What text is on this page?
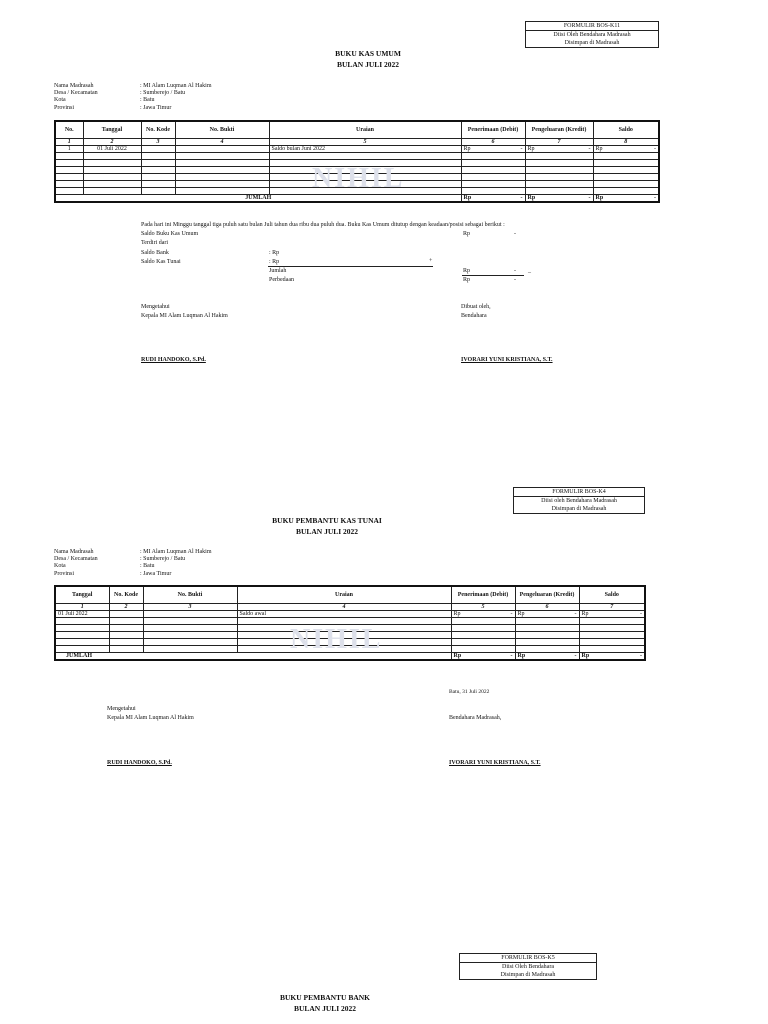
FORMULIR BOS-K11
Diisi Oleh Bendahara Madrasah
Disimpan di Madrasah
BUKU KAS UMUM
BULAN JULI 2022
Nama Madrasah	: MI Alam Luqman Al Hakim
Desa / Kecamatan	: Sumberejo / Batu
Kota	: Batu
Provinsi	: Jawa Timur
No.	Tanggal	No. Kode	No. Bukti	Uraian	Penerimaan (Debit)	Pengeluaran (Kredit)	Saldo
1	2	3	4	5	6	7	8
1	01 Juli 2022			Saldo bulan Juni 2022	Rp -	Rp -	Rp -

JUMLAH					Rp -	Rp -	Rp -
NIHIL
Pada hari ini Minggu tanggal tiga puluh satu bulan Juli tahun dua ribu dua puluh dua. Buku Kas Umum ditutup dengan keadaan/posisi sebagai berikut :
Saldo Buku Kas Umum	Rp	-
Terdiri dari
Saldo Bank	: Rp
Saldo Kas Tunai	: Rp	+
Jumlah	Rp	- _
Perbedaan	Rp	-
Mengetahui
Kepala MI Alam Luqman Al Hakim
Dibuat oleh,
Bendahara
RUDI HANDOKO, S.Pd.	IVORARI YUNI KRISTIANA, S.T.
FORMULIR BOS-K4
Diisi oleh Bendahara Madrasah
Disimpan di Madrasah
BUKU PEMBANTU KAS TUNAI
BULAN JULI 2022
Nama Madrasah	: MI Alam Luqman Al Hakim
Desa / Kecamatan	: Sumberejo / Batu
Kota	: Batu
Provinsi	: Jawa Timur
Tanggal	No. Kode	No. Bukti	Uraian	Penerimaan (Debit)	Pengeluaran (Kredit)	Saldo
1	2	3	4	5	6	7
01 Juli 2022			Saldo awal	Rp -	Rp -	Rp -

JUMLAH				Rp -	Rp -	Rp -
NIHIL
Batu, 31 Juli 2022
Mengetahui
Kepala MI Alam Luqman Al Hakim	Bendahara Madrasah,
RUDI HANDOKO, S.Pd.	IVORARI YUNI KRISTIANA, S.T.
FORMULIR BOS-K5
Diisi Oleh Bendahara
Disimpan di Madrasah
BUKU PEMBANTU BANK
BULAN JULI 2022
